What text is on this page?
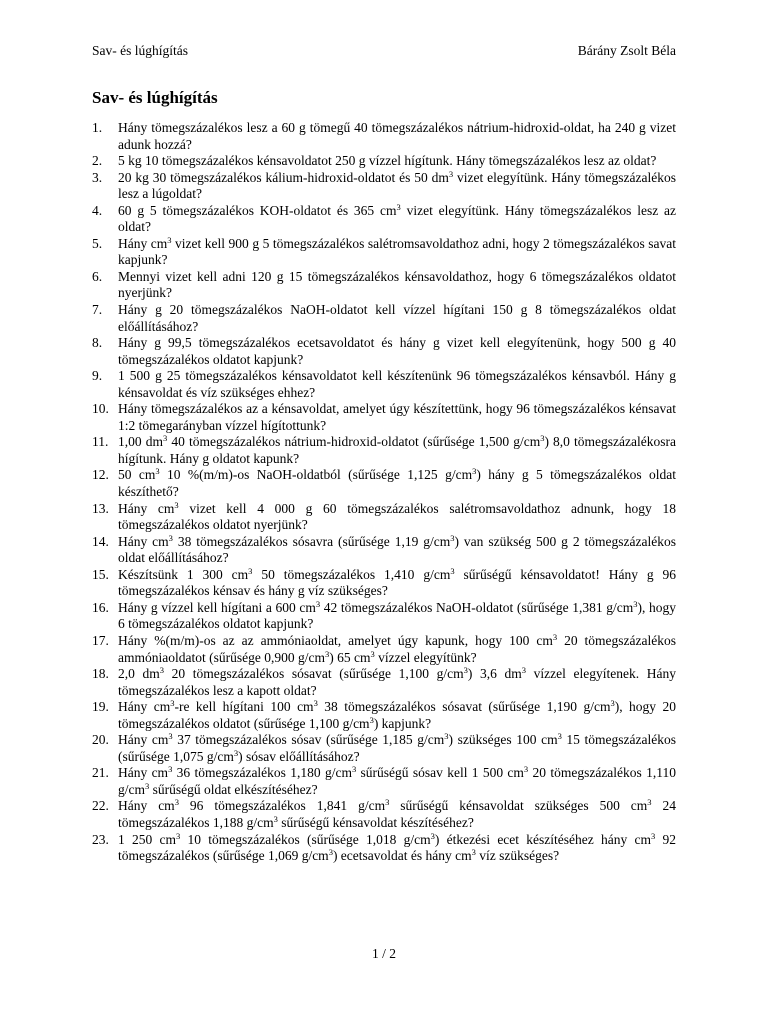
Sav- és lúghígítás	Bárány Zsolt Béla
Sav- és lúghígítás
1.	Hány tömegszázalékos lesz a 60 g tömegű 40 tömegszázalékos nátrium-hidroxid-oldat, ha 240 g vizet adunk hozzá?
2.	5 kg 10 tömegszázalékos kénsavoldatot 250 g vízzel hígítunk. Hány tömegszázalékos lesz az oldat?
3.	20 kg 30 tömegszázalékos kálium-hidroxid-oldatot és 50 $dm^3$ vizet elegyítünk. Hány tömegszázalékos lesz a lúgoldat?
4.	60 g 5 tömegszázalékos KOH-oldatot és 365 $cm^3$ vizet elegyítünk. Hány tömegszázalékos lesz az oldat?
5.	Hány $cm^3$ vizet kell 900 g 5 tömegszázalékos salétromsavoldathoz adni, hogy 2 tömegszázalékos savat kapjunk?
6.	Mennyi vizet kell adni 120 g 15 tömegszázalékos kénsavoldathoz, hogy 6 tömegszázalékos oldatot nyerjünk?
7.	Hány g 20 tömegszázalékos NaOH-oldatot kell vízzel hígítani 150 g 8 tömegszázalékos oldat előállításához?
8.	Hány g 99,5 tömegszázalékos ecetsavoldatot és hány g vizet kell elegyítenünk, hogy 500 g 40 tömegszázalékos oldatot kapjunk?
9.	1 500 g 25 tömegszázalékos kénsavoldatot kell készítenünk 96 tömegszázalékos kénsavból. Hány g kénsavoldat és víz szükséges ehhez?
10. Hány tömegszázalékos az a kénsavoldat, amelyet úgy készítettünk, hogy 96 tömegszázalékos kénsavat 1:2 tömegarányban vízzel hígítottunk?
11. 1,00 $dm^3$ 40 tömegszázalékos nátrium-hidroxid-oldatot (sűrűsége 1,500 $g/cm^3$) 8,0 tömegszázalékosra hígítunk. Hány g oldatot kapunk?
12. 50 $cm^3$ 10 %(m/m)-os NaOH-oldatból (sűrűsége 1,125 $g/cm^3$) hány g 5 tömegszázalékos oldat készíthető?
13. Hány $cm^3$ vizet kell 4 000 g 60 tömegszázalékos salétromsavoldathoz adnunk, hogy 18 tömegszázalékos oldatot nyerjünk?
14. Hány $cm^3$ 38 tömegszázalékos sósavra (sűrűsége 1,19 $g/cm^3$) van szükség 500 g 2 tömegszázalékos oldat előállításához?
15. Készítsünk 1 300 $cm^3$ 50 tömegszázalékos 1,410 $g/cm^3$ sűrűségű kénsavoldatot! Hány g 96 tömegszázalékos kénsav és hány g víz szükséges?
16. Hány g vízzel kell hígítani a 600 $cm^3$ 42 tömegszázalékos NaOH-oldatot (sűrűsége 1,381 $g/cm^3$), hogy 6 tömegszázalékos oldatot kapjunk?
17. Hány %(m/m)-os az az ammóniaoldat, amelyet úgy kapunk, hogy 100 $cm^3$ 20 tömegszázalékos ammóniaoldatot (sűrűsége 0,900 $g/cm^3$) 65 $cm^3$ vízzel elegyítünk?
18. 2,0 $dm^3$ 20 tömegszázalékos sósavat (sűrűsége 1,100 $g/cm^3$) 3,6 $dm^3$ vízzel elegyítenek. Hány tömegszázalékos lesz a kapott oldat?
19. Hány $cm^3-re$ kell hígítani 100 $cm^3$ 38 tömegszázalékos sósavat (sűrűsége 1,190 $g/cm^3$), hogy 20 tömegszázalékos oldatot (sűrűsége 1,100 $g/cm^3$) kapjunk?
20. Hány $cm^3$ 37 tömegszázalékos sósav (sűrűsége 1,185 $g/cm^3$) szükséges 100 $cm^3$ 15 tömegszázalékos (sűrűsége 1,075 $g/cm^3$) sósav előállításához?
21. Hány $cm^3$ 36 tömegszázalékos 1,180 $g/cm^3$ sűrűségű sósav kell 1 500 $cm^3$ 20 tömegszázalékos 1,110 $g/cm^3$ sűrűségű oldat elkészítéséhez?
22. Hány $cm^3$ 96 tömegszázalékos 1,841 $g/cm^3$ sűrűségű kénsavoldat szükséges 500 $cm^3$ 24 tömegszázalékos 1,188 $g/cm^3$ sűrűségű kénsavoldat készítéséhez?
23. 1 250 $cm^3$ 10 tömegszázalékos (sűrűsége 1,018 $g/cm^3$) étkezési ecet készítéséhez hány $cm^3$ 92 tömegszázalékos (sűrűsége 1,069 $g/cm^3$) ecetsavoldat és hány $cm^3$ víz szükséges?
1 / 2
